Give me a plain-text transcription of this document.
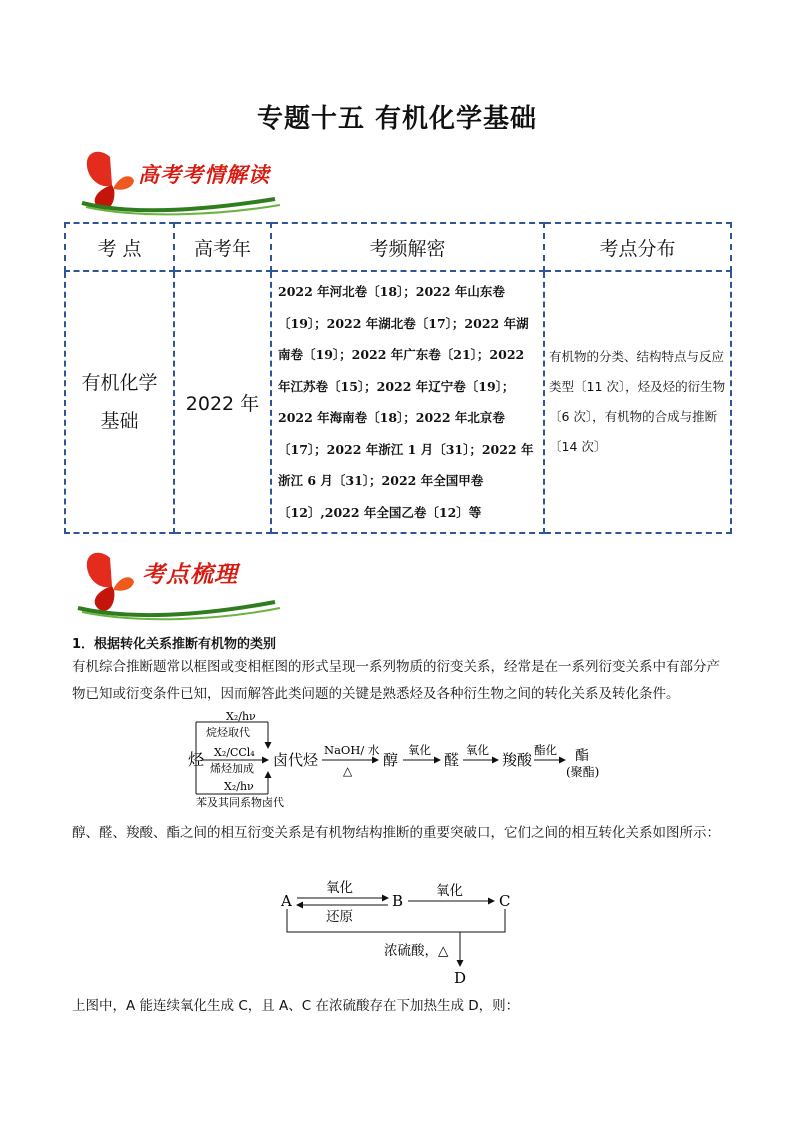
专题十五 有机化学基础
高考考情解读
考 点	高考年	考频解密	考点分布

有机化学
基础	2022 年	2022 年河北卷〔18〕；2022 年山东卷〔19〕；2022 年湖北卷〔17〕；2022 年湖南卷〔19〕；2022 年广东卷〔21〕；2022 年江苏卷〔15〕；2022 年辽宁卷〔19〕；2022 年海南卷〔18〕；2022 年北京卷〔17〕；2022 年浙江 1 月〔31〕；2022 年浙江 6 月〔31〕；2022 年全国甲卷〔12〕,2022 年全国乙卷〔12〕等	有机物的分类、结构特点与反应类型〔11 次〕，烃及烃的衍生物〔6 次〕，有机物的合成与推断〔14 次〕
考点梳理
1．根据转化关系推断有机物的类别
有机综合推断题常以框图或变相框图的形式呈现一系列物质的衍变关系，经常是在一系列衍变关系中有部分产物已知或衍变条件已知，因而解答此类问题的关键是熟悉烃及各种衍生物之间的转化关系及转化条件。
烃
X₂/hν
烷烃取代
X₂/CCl₄
烯烃加成
X₂/hν
苯及其同系物卤代
卤代烃
NaOH/ 水
△
醇
氧化
醛
氧化
羧酸
酯化 酯
(聚酯)
醇、醛、羧酸、酯之间的相互衍变关系是有机物结构推断的重要突破口，它们之间的相互转化关系如图所示：
A	B	C
D
氧化
还原
氧化
浓硫酸，△
上图中，A 能连续氧化生成 C，且 A、C 在浓硫酸存在下加热生成 D，则：
